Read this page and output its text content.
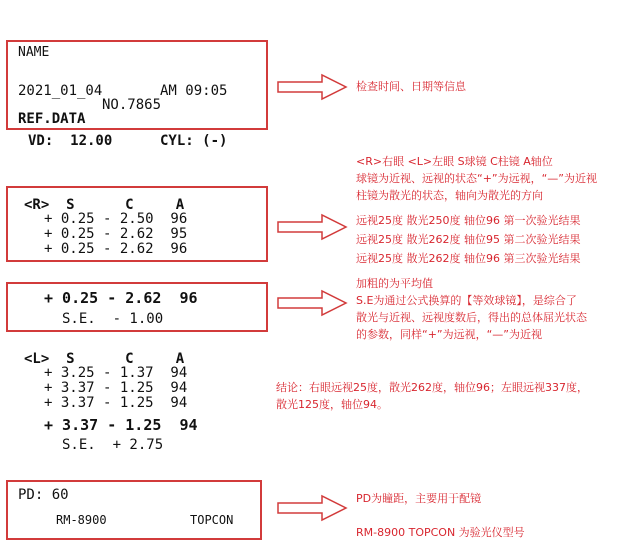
NAME
2021_01_04	AM 09:05
NO.7865
REF.DATA
VD:  12.00	CYL: (-)
<R>  S      C     A
+ 0.25 - 2.50  96
+ 0.25 - 2.62  95
+ 0.25 - 2.62  96
+ 0.25 - 2.62  96
S.E.  - 1.00
<L>  S      C     A
+ 3.25 - 1.37  94
+ 3.37 - 1.25  94
+ 3.37 - 1.25  94
+ 3.37 - 1.25  94
S.E.  + 2.75
PD: 60
RM-8900	TOPCON
检查时间、日期等信息
<R>右眼 <L>左眼 S球镜 C柱镜 A轴位
球镜为近视、远视的状态“+”为远视，“—”为近视
柱镜为散光的状态，轴向为散光的方向
远视25度 散光250度 轴位96 第一次验光结果
远视25度 散光262度 轴位95 第二次验光结果
远视25度 散光262度 轴位96 第三次验光结果
加粗的为平均值
S.E为通过公式换算的【等效球镜】，是综合了
散光与近视、远视度数后，得出的总体屈光状态
的参数，同样“+”为远视，“—”为近视
结论：右眼远视25度，散光262度，轴位96；左眼远视337度，
散光125度，轴位94。
PD为瞳距，主要用于配镜
RM-8900 TOPCON 为验光仪型号
